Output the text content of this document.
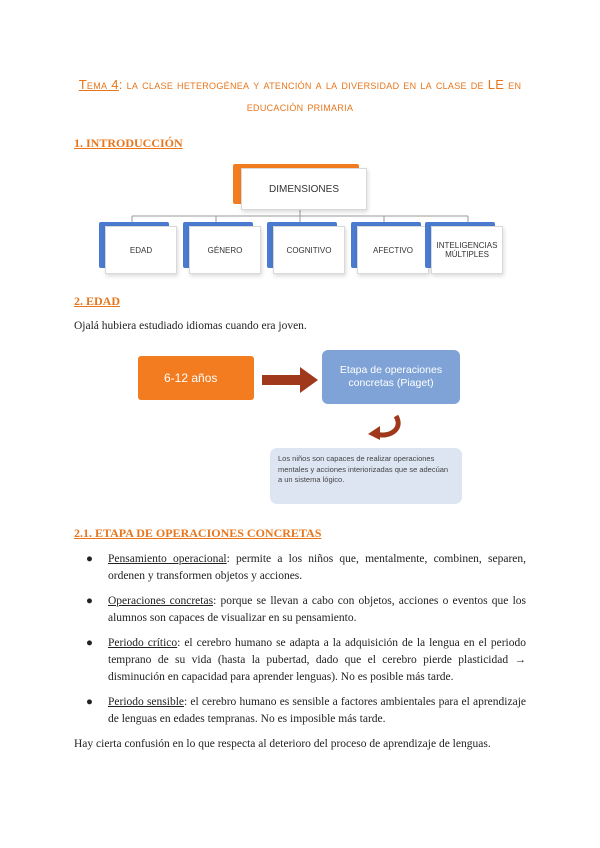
Tema 4: la clase heterogénea y atención a la diversidad en la clase de LE en
educación primaria
1. INTRODUCCIÓN
DIMENSIONES
EDAD	GÉNERO	COGNITIVO	AFECTIVO	INTELIGENCIAS MÚLTIPLES
2. EDAD
Ojalá hubiera estudiado idiomas cuando era joven.
6-12 años
Etapa de operaciones concretas (Piaget)
Los niños son capaces de realizar operaciones mentales y acciones interiorizadas que se adecúan a un sistema lógico.
2.1. ETAPA DE OPERACIONES CONCRETAS
● Pensamiento operacional: permite a los niños que, mentalmente, combinen, separen, ordenen y transformen objetos y acciones.
● Operaciones concretas: porque se llevan a cabo con objetos, acciones o eventos que los alumnos son capaces de visualizar en su pensamiento.
● Periodo crítico: el cerebro humano se adapta a la adquisición de la lengua en el periodo temprano de su vida (hasta la pubertad, dado que el cerebro pierde plasticidad → disminución en capacidad para aprender lenguas). No es posible más tarde.
● Periodo sensible: el cerebro humano es sensible a factores ambientales para el aprendizaje de lenguas en edades tempranas. No es imposible más tarde.
Hay cierta confusión en lo que respecta al deterioro del proceso de aprendizaje de lenguas.
